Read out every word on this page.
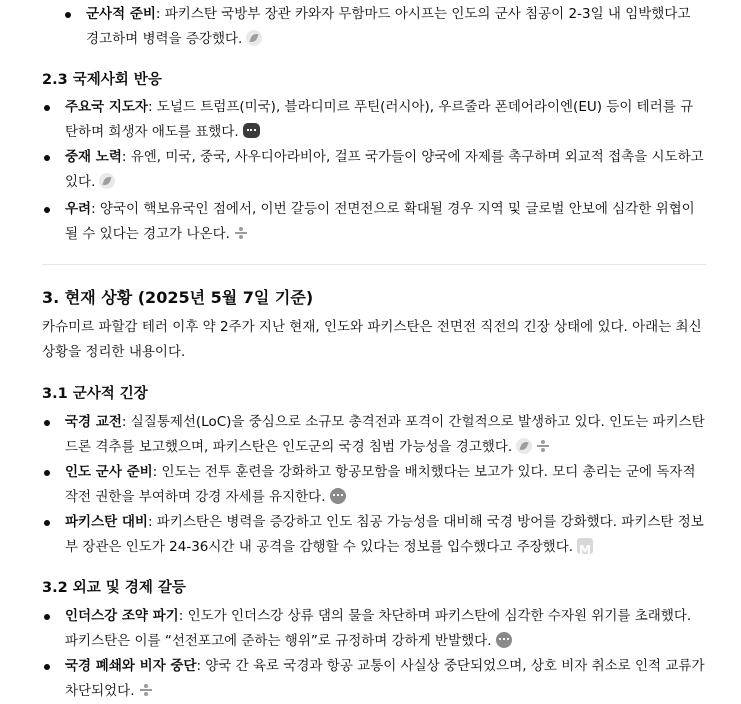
군사적 준비: 파키스탄 국방부 장관 카와자 무함마드 아시프는 인도의 군사 침공이 2-3일 내 임박했다고 경고하며 병력을 증강했다.
2.3 국제사회 반응
주요국 지도자: 도널드 트럼프(미국), 블라디미르 푸틴(러시아), 우르줄라 폰데어라이엔(EU) 등이 테러를 규탄하며 희생자 애도를 표했다.
중재 노력: 유엔, 미국, 중국, 사우디아라비아, 걸프 국가들이 양국에 자제를 촉구하며 외교적 접촉을 시도하고 있다.
우려: 양국이 핵보유국인 점에서, 이번 갈등이 전면전으로 확대될 경우 지역 및 글로벌 안보에 심각한 위협이 될 수 있다는 경고가 나온다.
3. 현재 상황 (2025년 5월 7일 기준)
카슈미르 파할감 테러 이후 약 2주가 지난 현재, 인도와 파키스탄은 전면전 직전의 긴장 상태에 있다. 아래는 최신 상황을 정리한 내용이다.
3.1 군사적 긴장
국경 교전: 실질통제선(LoC)을 중심으로 소규모 총격전과 포격이 간헐적으로 발생하고 있다. 인도는 파키스탄 드론 격추를 보고했으며, 파키스탄은 인도군의 국경 침범 가능성을 경고했다.
인도 군사 준비: 인도는 전투 훈련을 강화하고 항공모함을 배치했다는 보고가 있다. 모디 총리는 군에 독자적 작전 권한을 부여하며 강경 자세를 유지한다.
파키스탄 대비: 파키스탄은 병력을 증강하고 인도 침공 가능성을 대비해 국경 방어를 강화했다. 파키스탄 정보부 장관은 인도가 24-36시간 내 공격을 감행할 수 있다는 정보를 입수했다고 주장했다.M
3.2 외교 및 경제 갈등
인더스강 조약 파기: 인도가 인더스강 상류 댐의 물을 차단하며 파키스탄에 심각한 수자원 위기를 초래했다. 파키스탄은 이를 “선전포고에 준하는 행위”로 규정하며 강하게 반발했다.
국경 폐쇄와 비자 중단: 양국 간 육로 국경과 항공 교통이 사실상 중단되었으며, 상호 비자 취소로 인적 교류가 차단되었다.
